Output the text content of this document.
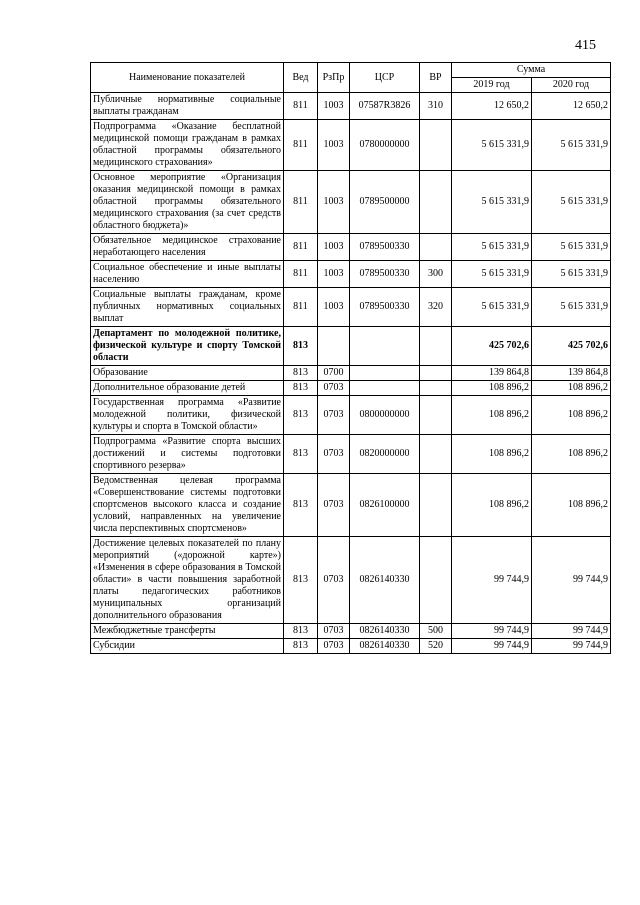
415
Наименование показателей	Вед	РзПр	ЦСР	ВР	Сумма	
					2019 год	2020 год
Публичные нормативные социальные выплаты гражданам	811	1003	07587R3826	310	12 650,2	12 650,2
Подпрограмма «Оказание бесплатной медицинской помощи гражданам в рамках областной программы обязательного медицинского страхования»	811	1003	0780000000		5 615 331,9	5 615 331,9
Основное мероприятие «Организация оказания медицинской помощи в рамках областной программы обязательного медицинского страхования (за счет средств областного бюджета)»	811	1003	0789500000		5 615 331,9	5 615 331,9
Обязательное медицинское страхование неработающего населения	811	1003	0789500330		5 615 331,9	5 615 331,9
Социальное обеспечение и иные выплаты населению	811	1003	0789500330	300	5 615 331,9	5 615 331,9
Социальные выплаты гражданам, кроме публичных нормативных социальных выплат	811	1003	0789500330	320	5 615 331,9	5 615 331,9
Департамент по молодежной политике, физической культуре и спорту Томской области	813				425 702,6	425 702,6
Образование	813	0700			139 864,8	139 864,8
Дополнительное образование детей	813	0703			108 896,2	108 896,2
Государственная программа «Развитие молодежной политики, физической культуры и спорта в Томской области»	813	0703	0800000000		108 896,2	108 896,2
Подпрограмма «Развитие спорта высших достижений и системы подготовки спортивного резерва»	813	0703	0820000000		108 896,2	108 896,2
Ведомственная целевая программа «Совершенствование системы подготовки спортсменов высокого класса и создание условий, направленных на увеличение числа перспективных спортсменов»	813	0703	0826100000		108 896,2	108 896,2
Достижение целевых показателей по плану мероприятий («дорожной карте») «Изменения в сфере образования в Томской области» в части повышения заработной платы педагогических работников муниципальных организаций дополнительного образования	813	0703	0826140330		99 744,9	99 744,9
Межбюджетные трансферты	813	0703	0826140330	500	99 744,9	99 744,9
Субсидии	813	0703	0826140330	520	99 744,9	99 744,9
